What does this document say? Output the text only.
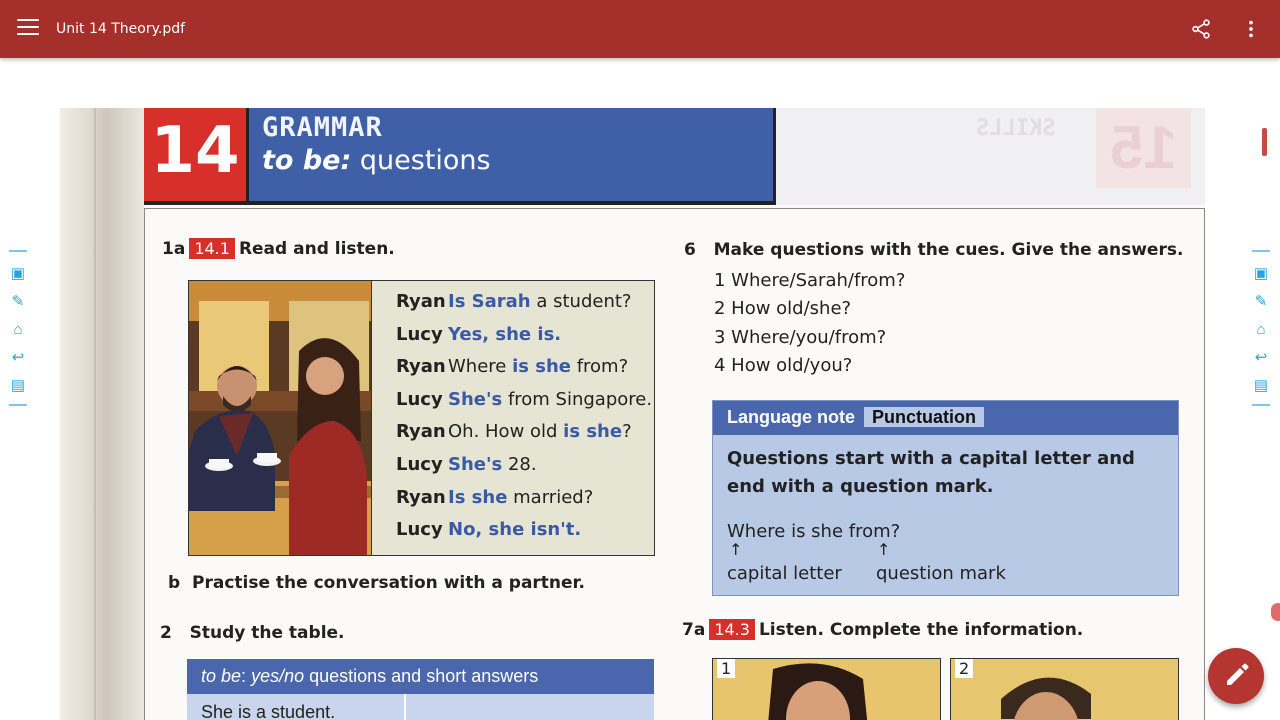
Unit 14 Theory.pdf
14 GRAMMAR
to be: questions
SKILLS 15
1a 14.1 Read and listen.
Ryan Is Sarah a student?
Lucy Yes, she is.
Ryan Where is she from?
Lucy She's from Singapore.
Ryan Oh. How old is she?
Lucy She's 28.
Ryan Is she married?
Lucy No, she isn't.
b Practise the conversation with a partner.
2 Study the table.
to be: yes/no questions and short answers
She is a student.
6 Make questions with the cues. Give the answers.
1 Where/Sarah/from?
2 How old/she?
3 Where/you/from?
4 How old/you?
Language note Punctuation
Questions start with a capital letter and end with a question mark.
Where is she from?
↑	↑
capital letter question mark
7a 14.3 Listen. Complete the information.
1	2
▣
✎
⌂
↩
▤
▣
✎
⌂
↩
▤
